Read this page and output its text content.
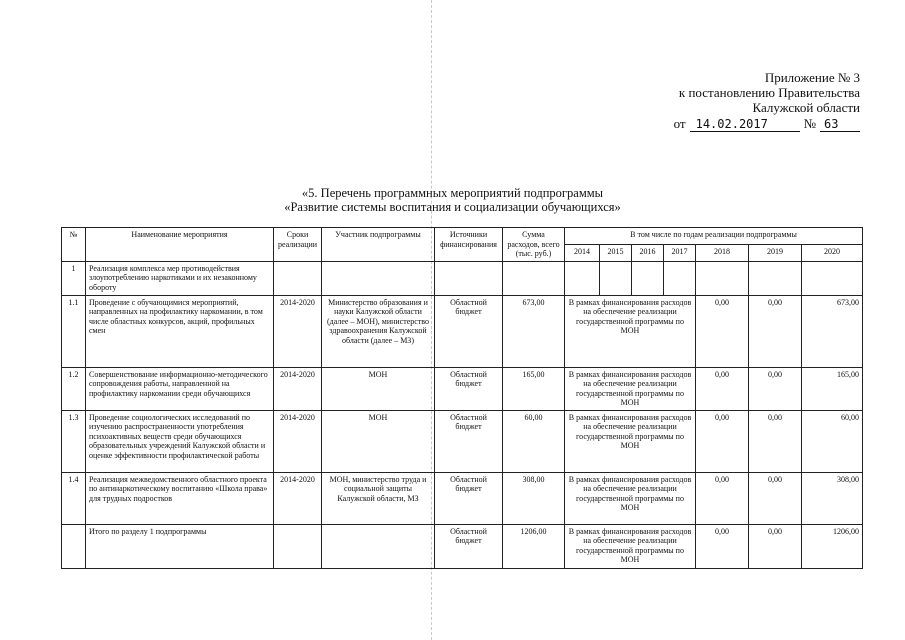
Приложение № 3
к постановлению Правительства
Калужской области
от 14.02.2017	№ 63
«5. Перечень программных мероприятий подпрограммы
«Развитие системы воспитания и социализации обучающихся»
№	Наименование мероприятия	Сроки реализации	Участник подпрограммы	Источники финансирования	Сумма расходов, всего (тыс. руб.)	В том числе по годам реализации подпрограммы						
						2014	2015	2016	2017	2018	2019	2020
1	Реализация комплекса мер противодействия злоупотреблению наркотиками и их незаконному обороту											
1.1	Проведение с обучающимися мероприятий, направленных на профилактику наркомании, в том числе областных конкурсов, акций, профильных смен	2014-2020	Министерство образования и науки Калужской области (далее – МОН), министерство здравоохранения Калужской области (далее – МЗ)	Областной бюджет	673,00	В рамках финансирования расходов на обеспечение реализации государственной программы по МОН				0,00	0,00	673,00
1.2	Совершенствование информационно-методического сопровождения работы, направленной на профилактику наркомании среди обучающихся	2014-2020	МОН	Областной бюджет	165,00	В рамках финансирования расходов на обеспечение реализации государственной программы по МОН				0,00	0,00	165,00
1.3	Проведение социологических исследований по изучению распространенности употребления психоактивных веществ среди обучающихся образовательных учреждений Калужской области и оценке эффективности профилактической работы	2014-2020	МОН	Областной бюджет	60,00	В рамках финансирования расходов на обеспечение реализации государственной программы по МОН				0,00	0,00	60,00
1.4	Реализация межведомственного областного проекта по антинаркотическому воспитанию «Школа права» для трудных подростков	2014-2020	МОН, министерство труда и социальной защиты Калужской области, МЗ	Областной бюджет	308,00	В рамках финансирования расходов на обеспечение реализации государственной программы по МОН				0,00	0,00	308,00
	Итого по разделу 1 подпрограммы			Областной бюджет	1206,00	В рамках финансирования расходов на обеспечение реализации государственной программы по МОН				0,00	0,00	1206,00
